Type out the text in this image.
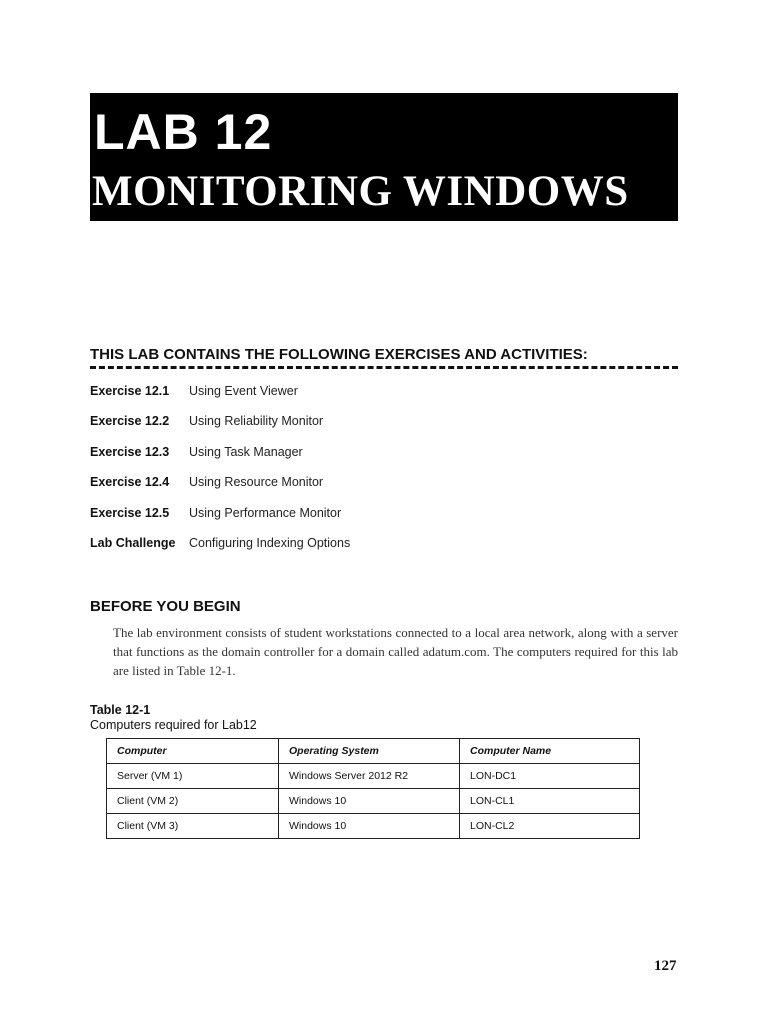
LAB 12
MONITORING WINDOWS
THIS LAB CONTAINS THE FOLLOWING EXERCISES AND ACTIVITIES:
Exercise 12.1	Using Event Viewer
Exercise 12.2	Using Reliability Monitor
Exercise 12.3	Using Task Manager
Exercise 12.4	Using Resource Monitor
Exercise 12.5	Using Performance Monitor
Lab Challenge	Configuring Indexing Options
BEFORE YOU BEGIN

The lab environment consists of student workstations connected to a local area network, along with a server that functions as the domain controller for a domain called adatum.com. The computers required for this lab are listed in Table 12-1.

Table 12-1
Computers required for Lab12
Computer	Operating System	Computer Name
Server (VM 1)	Windows Server 2012 R2	LON-DC1
Client (VM 2)	Windows 10	LON-CL1
Client (VM 3)	Windows 10	LON-CL2
127
